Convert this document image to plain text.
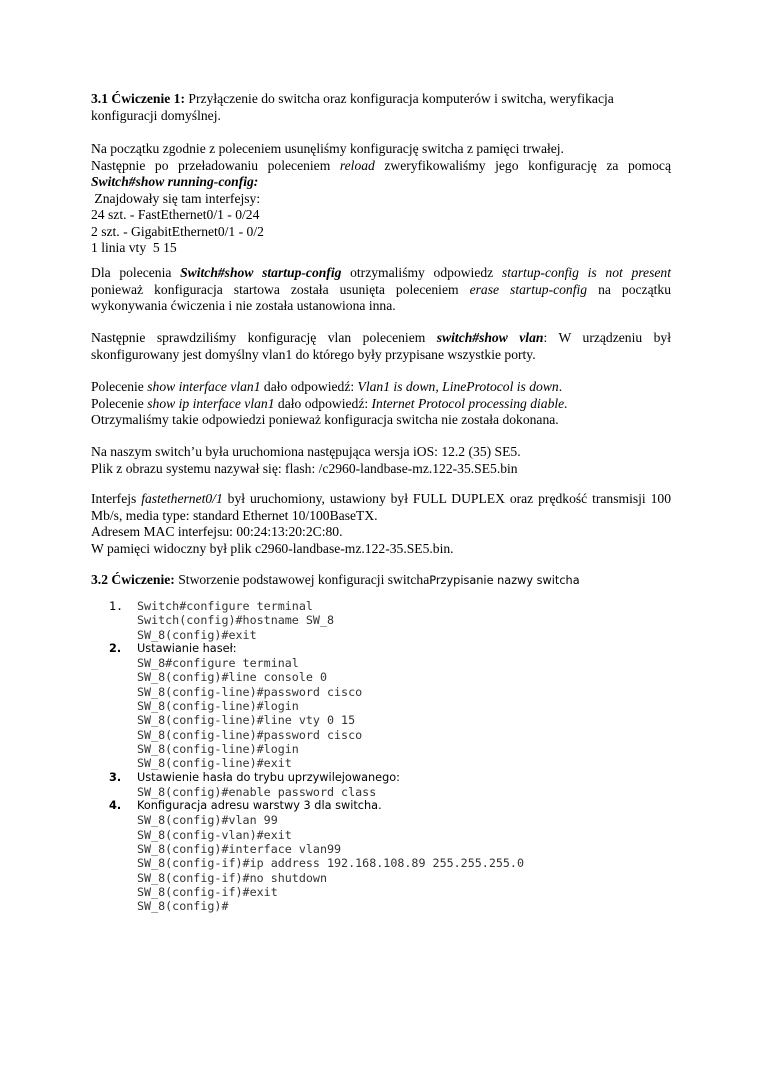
3.1 Ćwiczenie 1: Przyłączenie do switcha oraz konfiguracja komputerów i switcha, weryfikacja

konfiguracji domyślnej.

Na początku zgodnie z poleceniem usunęliśmy konfigurację switcha z pamięci trwałej.

Następnie po przeładowaniu poleceniem reload zweryfikowaliśmy jego konfigurację za pomocą

Switch#show running-config:

Znajdowały się tam interfejsy:

24 szt. - FastEthernet0/1 - 0/24

2 szt. - GigabitEthernet0/1 - 0/2

1 linia vty  5 15

Dla polecenia Switch#show startup-config otrzymaliśmy odpowiedz startup-config is not present ponieważ konfiguracja startowa została usunięta poleceniem erase startup-config na początku wykonywania ćwiczenia i nie została ustanowiona inna.

Następnie sprawdziliśmy konfigurację vlan poleceniem switch#show vlan: W urządzeniu był skonfigurowany jest domyślny vlan1 do którego były przypisane wszystkie porty.

Polecenie show interface vlan1 dało odpowiedź: Vlan1 is down, LineProtocol is down.

Polecenie show ip interface vlan1 dało odpowiedź: Internet Protocol processing diable.

Otrzymaliśmy takie odpowiedzi ponieważ konfiguracja switcha nie została dokonana.

Na naszym switch’u była uruchomiona następująca wersja iOS: 12.2 (35) SE5.

Plik z obrazu systemu nazywał się: flash: /c2960-landbase-mz.122-35.SE5.bin

Interfejs fastethernet0/1 był uruchomiony, ustawiony był FULL DUPLEX oraz prędkość transmisji 100 Mb/s, media type: standard Ethernet 10/100BaseTX.

Adresem MAC interfejsu: 00:24:13:20:2C:80.

W pamięci widoczny był plik c2960-landbase-mz.122-35.SE5.bin.

3.2 Ćwiczenie: Stworzenie podstawowej konfiguracji switchaPrzypisanie nazwy switcha

1.	Switch#configure terminal
Switch(config)#hostname SW_8
SW_8(config)#exit
2.	Ustawianie haseł:
SW_8#configure terminal
SW_8(config)#line console 0
SW_8(config-line)#password cisco
SW_8(config-line)#login
SW_8(config-line)#line vty 0 15
SW_8(config-line)#password cisco
SW_8(config-line)#login
SW_8(config-line)#exit
3.	Ustawienie hasła do trybu uprzywilejowanego:
SW_8(config)#enable password class
4.	Konfiguracja adresu warstwy 3 dla switcha.
SW_8(config)#vlan 99
SW_8(config-vlan)#exit
SW_8(config)#interface vlan99
SW_8(config-if)#ip address 192.168.108.89 255.255.255.0
SW_8(config-if)#no shutdown
SW_8(config-if)#exit
SW_8(config)#
